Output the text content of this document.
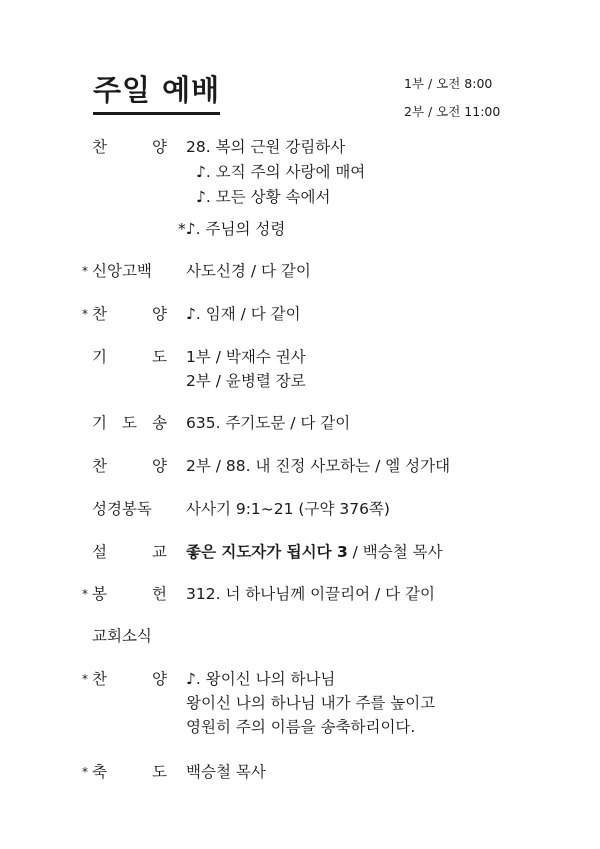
주일 예배	1부 / 오전 8:00
2부 / 오전 11:00
찬 양	28. 복의 근원 강림하사
♪. 오직 주의 사랑에 매여
♪. 모든 상황 속에서
*♪. 주님의 성령
* 신앙고백	사도신경 / 다 같이
* 찬 양	♪. 임재 / 다 같이
기 도	1부 / 박재수 권사
2부 / 윤병렬 장로
기 도 송	635. 주기도문 / 다 같이
찬 양	2부 / 88. 내 진정 사모하는 / 엘 성가대
성경봉독	사사기 9:1~21 (구약 376쪽)
설 교	좋은 지도자가 됩시다 3 / 백승철 목사
* 봉 헌	312. 너 하나님께 이끌리어 / 다 같이
교회소식
* 찬 양	♪. 왕이신 나의 하나님
왕이신 나의 하나님 내가 주를 높이고
영원히 주의 이름을 송축하리이다.
* 축 도	백승철 목사
